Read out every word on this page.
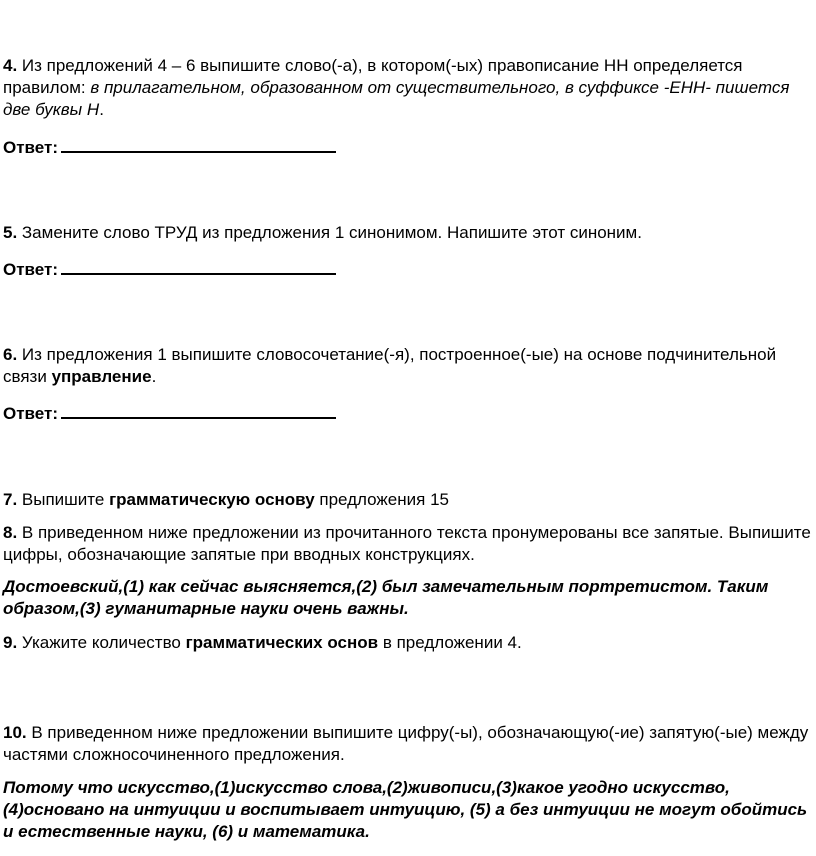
4. Из предложений 4 – 6 выпишите слово(-а), в котором(-ых) правописание НН определяется правилом: в прилагательном, образованном от существительного, в суффиксе -ЕНН- пишется две буквы Н.

Ответ:

5. Замените слово ТРУД из предложения 1 синонимом. Напишите этот синоним.

Ответ:

6. Из предложения 1 выпишите словосочетание(-я), построенное(-ые) на основе подчинительной связи управление.

Ответ:

7. Выпишите грамматическую основу предложения 15

8. В приведенном ниже предложении из прочитанного текста пронумерованы все запятые. Выпишите цифры, обозначающие запятые при вводных конструкциях.

Достоевский,(1) как сейчас выясняется,(2) был замечательным портретистом. Таким образом,(3) гуманитарные науки очень важны.

9. Укажите количество грамматических основ в предложении 4.

10. В приведенном ниже предложении выпишите цифру(-ы), обозначающую(-ие) запятую(-ые) между частями сложносочиненного предложения.

Потому что искусство,(1)искусство слова,(2)живописи,(3)какое угодно искусство,(4)основано на интуиции и воспитывает интуицию, (5) а без интуиции не могут обойтись и естественные науки, (6) и математика.
